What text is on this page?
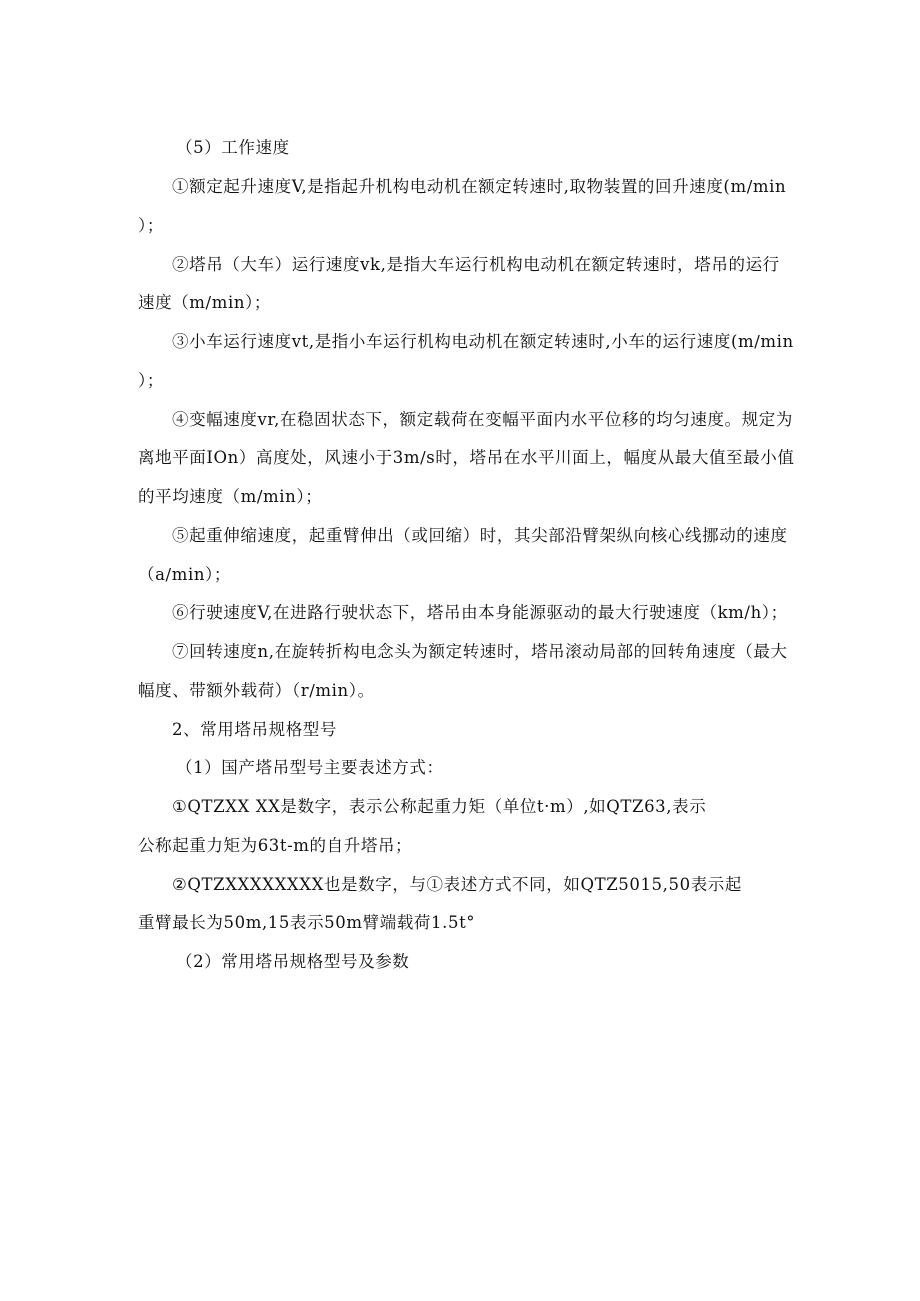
（5）工作速度
①额定起升速度V,是指起升机构电动机在额定转速时,取物装置的回升速度(m∕min
）；
②塔吊（大车）运行速度vk,是指大车运行机构电动机在额定转速时，塔吊的运行
速度（m∕min）；
③小车运行速度vt,是指小车运行机构电动机在额定转速时,小车的运行速度(m∕min
）；
④变幅速度vr,在稳固状态下，额定载荷在变幅平面内水平位移的均匀速度。规定为
离地平面IOn）高度处，风速小于3m∕s时，塔吊在水平川面上，幅度从最大值至最小值
的平均速度（m∕min）；
⑤起重伸缩速度，起重臂伸出（或回缩）时，其尖部沿臂架纵向核心线挪动的速度
（a∕min）；
⑥行驶速度V,在进路行驶状态下，塔吊由本身能源驱动的最大行驶速度（km/h）；
⑦回转速度n,在旋转折构电念头为额定转速时，塔吊滚动局部的回转角速度（最大
幅度、带额外载荷）（r∕min）。
2、常用塔吊规格型号
（1）国产塔吊型号主要表述方式：
①QTZXX XX是数字，表示公称起重力矩（单位t·m）,如QTZ63,表示
公称起重力矩为63t-m的自升塔吊；
②QTZXXXXXXXX也是数字，与①表述方式不同，如QTZ5015,50表示起
重臂最长为50m,15表示50m臂端载荷1.5t°
（2）常用塔吊规格型号及参数
